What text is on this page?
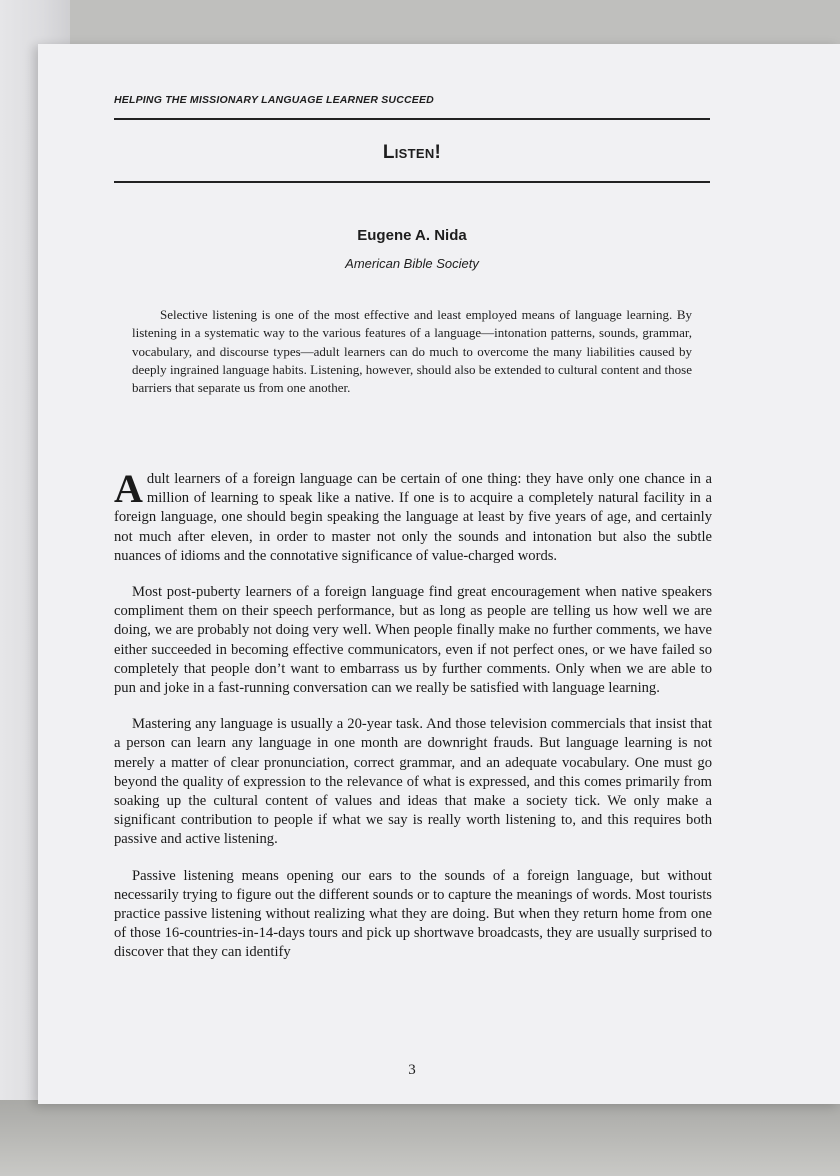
HELPING THE MISSIONARY LANGUAGE LEARNER SUCCEED
Listen!
Eugene A. Nida
American Bible Society

Selective listening is one of the most effective and least employed means of language learning. By listening in a systematic way to the various features of a language—intonation patterns, sounds, grammar, vocabulary, and discourse types—adult learners can do much to overcome the many liabilities caused by deeply ingrained language habits. Listening, however, should also be extended to cultural content and those barriers that separate us from one another.

Adult learners of a foreign language can be certain of one thing: they have only one chance in a million of learning to speak like a native. If one is to acquire a completely natural facility in a foreign language, one should begin speaking the language at least by five years of age, and certainly not much after eleven, in order to master not only the sounds and intonation but also the subtle nuances of idioms and the connotative significance of value-charged words.

Most post-puberty learners of a foreign language find great encouragement when native speakers compliment them on their speech performance, but as long as people are telling us how well we are doing, we are probably not doing very well. When people finally make no further comments, we have either succeeded in becoming effective communicators, even if not perfect ones, or we have failed so completely that people don’t want to embarrass us by further comments. Only when we are able to pun and joke in a fast-running conversation can we really be satisfied with language learning.

Mastering any language is usually a 20-year task. And those television commercials that insist that a person can learn any language in one month are downright frauds. But language learning is not merely a matter of clear pronunciation, correct grammar, and an adequate vocabulary. One must go beyond the quality of expression to the relevance of what is expressed, and this comes primarily from soaking up the cultural content of values and ideas that make a society tick. We only make a significant contribution to people if what we say is really worth listening to, and this requires both passive and active listening.

Passive listening means opening our ears to the sounds of a foreign language, but without necessarily trying to figure out the different sounds or to capture the meanings of words. Most tourists practice passive listening without realizing what they are doing. But when they return home from one of those 16-countries-in-14-days tours and pick up shortwave broadcasts, they are usually surprised to discover that they can identify

3
